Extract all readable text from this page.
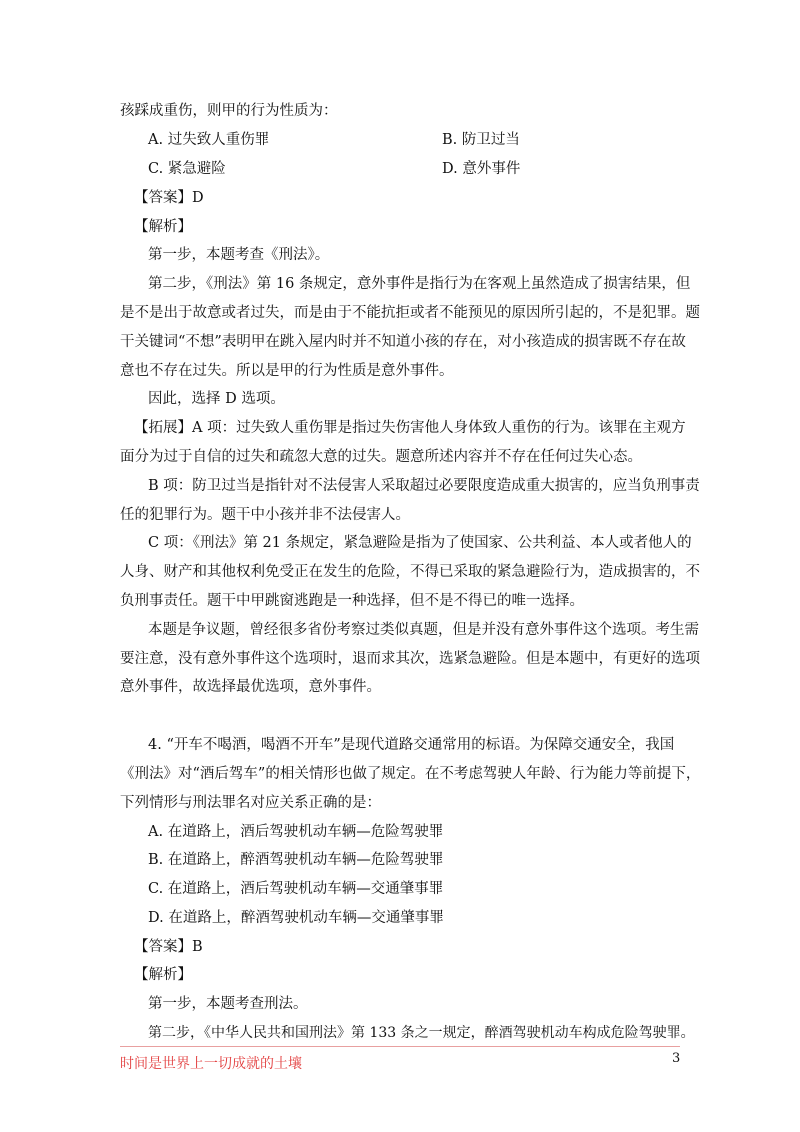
孩踩成重伤，则甲的行为性质为：
A. 过失致人重伤罪	B. 防卫过当
C. 紧急避险	D. 意外事件
【答案】D
【解析】
第一步，本题考查《刑法》。
第二步，《刑法》第 16 条规定，意外事件是指行为在客观上虽然造成了损害结果，但
是不是出于故意或者过失，而是由于不能抗拒或者不能预见的原因所引起的，不是犯罪。题
干关键词“不想”表明甲在跳入屋内时并不知道小孩的存在，对小孩造成的损害既不存在故
意也不存在过失。所以是甲的行为性质是意外事件。
因此，选择 D 选项。
【拓展】A 项：过失致人重伤罪是指过失伤害他人身体致人重伤的行为。该罪在主观方
面分为过于自信的过失和疏忽大意的过失。题意所述内容并不存在任何过失心态。
B 项：防卫过当是指针对不法侵害人采取超过必要限度造成重大损害的，应当负刑事责
任的犯罪行为。题干中小孩并非不法侵害人。
C 项：《刑法》第 21 条规定，紧急避险是指为了使国家、公共利益、本人或者他人的
人身、财产和其他权利免受正在发生的危险，不得已采取的紧急避险行为，造成损害的，不
负刑事责任。题干中甲跳窗逃跑是一种选择，但不是不得已的唯一选择。
本题是争议题，曾经很多省份考察过类似真题，但是并没有意外事件这个选项。考生需
要注意，没有意外事件这个选项时，退而求其次，选紧急避险。但是本题中，有更好的选项
意外事件，故选择最优选项，意外事件。
4. “开车不喝酒，喝酒不开车”是现代道路交通常用的标语。为保障交通安全，我国
《刑法》对“酒后驾车”的相关情形也做了规定。在不考虑驾驶人年龄、行为能力等前提下，
下列情形与刑法罪名对应关系正确的是：
A. 在道路上，酒后驾驶机动车辆—危险驾驶罪
B. 在道路上，醉酒驾驶机动车辆—危险驾驶罪
C. 在道路上，酒后驾驶机动车辆—交通肇事罪
D. 在道路上，醉酒驾驶机动车辆—交通肇事罪
【答案】B
【解析】
第一步，本题考查刑法。
第二步，《中华人民共和国刑法》第 133 条之一规定，醉酒驾驶机动车构成危险驾驶罪。
时间是世界上一切成就的土壤	3
